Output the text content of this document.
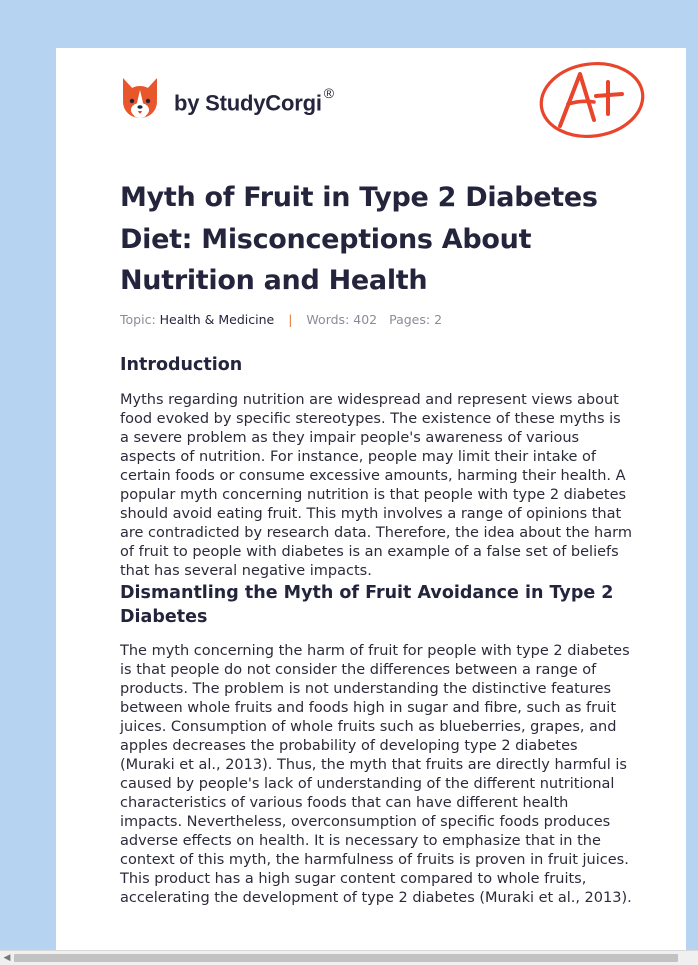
by StudyCorgi ®
Myth of Fruit in Type 2 Diabetes Diet: Misconceptions About Nutrition and Health
Topic: Health & Medicine | Words: 402 Pages: 2
Introduction

Myths regarding nutrition are widespread and represent views about food evoked by specific stereotypes. The existence of these myths is a severe problem as they impair people's awareness of various aspects of nutrition. For instance, people may limit their intake of certain foods or consume excessive amounts, harming their health. A popular myth concerning nutrition is that people with type 2 diabetes should avoid eating fruit. This myth involves a range of opinions that are contradicted by research data. Therefore, the idea about the harm of fruit to people with diabetes is an example of a false set of beliefs that has several negative impacts.

Dismantling the Myth of Fruit Avoidance in Type 2 Diabetes

The myth concerning the harm of fruit for people with type 2 diabetes is that people do not consider the differences between a range of products. The problem is not understanding the distinctive features between whole fruits and foods high in sugar and fibre, such as fruit juices. Consumption of whole fruits such as blueberries, grapes, and apples decreases the probability of developing type 2 diabetes (Muraki et al., 2013). Thus, the myth that fruits are directly harmful is caused by people's lack of understanding of the different nutritional characteristics of various foods that can have different health impacts. Nevertheless, overconsumption of specific foods produces adverse effects on health. It is necessary to emphasize that in the context of this myth, the harmfulness of fruits is proven in fruit juices. This product has a high sugar content compared to whole fruits, accelerating the development of type 2 diabetes (Muraki et al., 2013).

◀
